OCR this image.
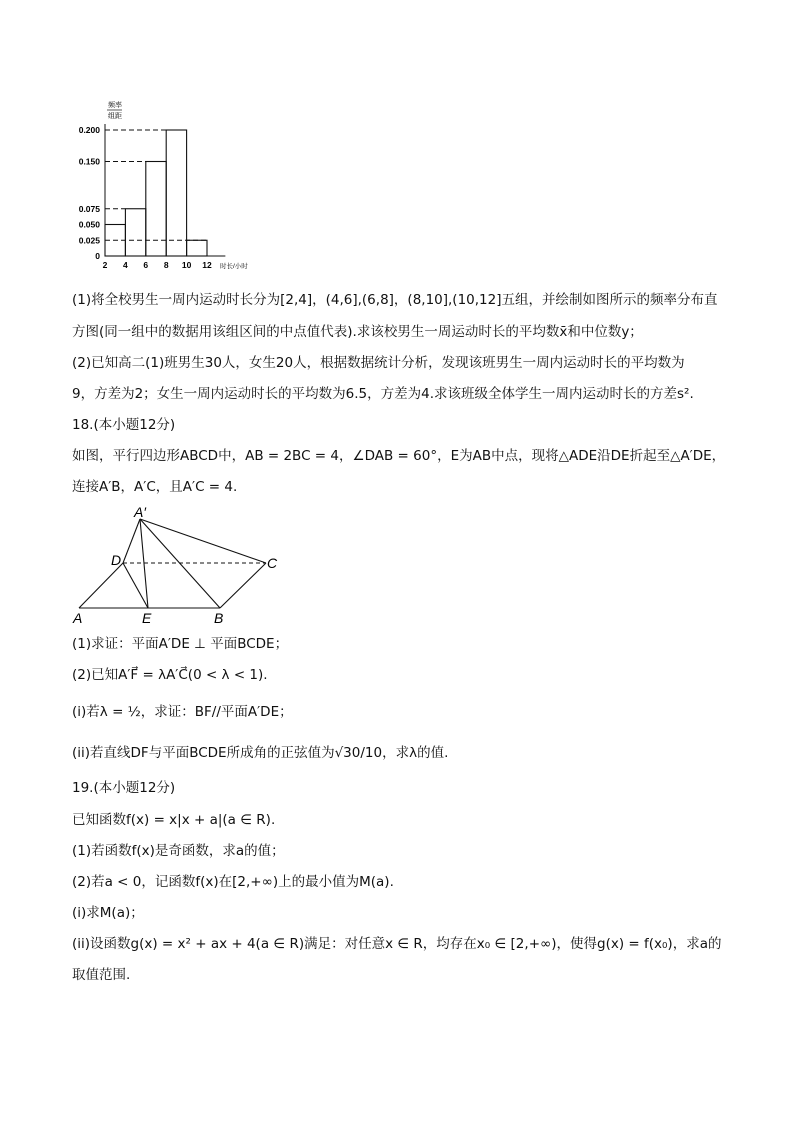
频率
组距
0
0.025
0.050
0.075
0.150
0.200
2 4 6 8 10 12 时长/小时
(1)将全校男生一周内运动时长分为[2,4]，(4,6],(6,8]，(8,10],(10,12]五组，并绘制如图所示的频率分布直
方图(同一组中的数据用该组区间的中点值代表).求该校男生一周运动时长的平均数x̄和中位数y；
(2)已知高二(1)班男生30人，女生20人，根据数据统计分析，发现该班男生一周内运动时长的平均数为
9，方差为2；女生一周内运动时长的平均数为6.5，方差为4.求该班级全体学生一周内运动时长的方差s².
18.(本小题12分)
如图，平行四边形ABCD中，AB = 2BC = 4，∠DAB = 60°，E为AB中点，现将△ADE沿DE折起至△A′DE，
连接A′B，A′C，且A′C = 4.
A′
D	C
A	E	B
(1)求证：平面A′DE ⊥ 平面BCDE；
(2)已知A′F⃗ = λA′C⃗(0 < λ < 1).
(i)若λ = ½，求证：BF//平面A′DE；
(ii)若直线DF与平面BCDE所成角的正弦值为√30/10，求λ的值.
19.(本小题12分)
已知函数f(x) = x|x + a|(a ∈ R).
(1)若函数f(x)是奇函数，求a的值；
(2)若a < 0，记函数f(x)在[2,+∞)上的最小值为M(a).
(i)求M(a)；
(ii)设函数g(x) = x² + ax + 4(a ∈ R)满足：对任意x ∈ R，均存在x₀ ∈ [2,+∞)，使得g(x) = f(x₀)，求a的
取值范围.
